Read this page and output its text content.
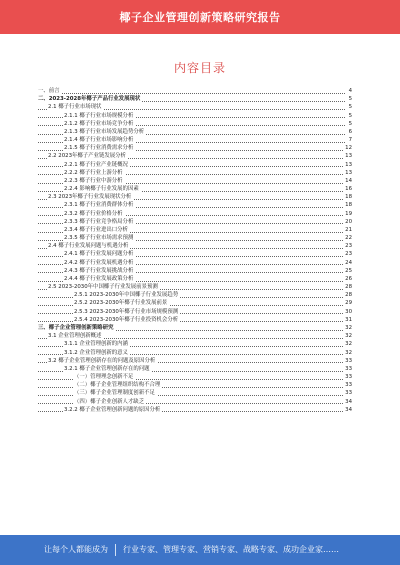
椰子企业管理创新策略研究报告
内容目录
一、前言	4
二、2023-2028年椰子产品行业发展现状	5
2.1 椰子行业市场现状	5
2.1.1 椰子行业市场规模分析	5
2.1.2 椰子行业市场竞争分析	5
2.1.3 椰子行业市场发展趋势分析	6
2.1.4 椰子行业市场影响分析	7
2.1.5 椰子行业消费需求分析	12
2.2 2023年椰子产业链发展分析	13
2.2.1 椰子行业产业链概况	13
2.2.2 椰子行业上游分析	13
2.2.3 椰子行业中游分析	14
2.2.4 影响椰子行业发展的因素	16
2.3 2023年椰子行业发展现状分析	18
2.3.1 椰子行业消费群体分析	18
2.3.2 椰子行业价格分析	19
2.3.3 椰子行业竞争格局分析	20
2.3.4 椰子行业进出口分析	21
2.3.5 椰子行业市场需求预测	22
2.4 椰子行业发展问题与机遇分析	23
2.4.1 椰子行业发展问题分析	23
2.4.2 椰子行业发展机遇分析	24
2.4.3 椰子行业发展挑战分析	25
2.4.4 椰子行业发展政策分析	26
2.5 2023-2030年中国椰子行业发展前景预测	28
2.5.1 2023-2030年中国椰子行业发展趋势	28
2.5.2 2023-2030年椰子行业发展前景	29
2.5.3 2023-2030年椰子行业市场规模预测	30
2.5.4 2023-2030年椰子行业投资机会分析	31
三、椰子企业管理创新策略研究	32
3.1 企业管理创新概述	32
3.1.1 企业管理创新的内涵	32
3.1.2 企业管理创新的意义	32
3.2 椰子企业管理创新存在的问题及原因分析	33
3.2.1 椰子企业管理创新存在的问题	33
（一）管理理念创新不足	33
（二）椰子企业管理组织结构不合理	33
（三）椰子企业管理制度创新不足	33
（四）椰子企业创新人才缺乏	34
3.2.2 椰子企业管理创新问题的原因分析	34
让每个人都能成为 行业专家、管理专家、营销专家、战略专家、成功企业家……
